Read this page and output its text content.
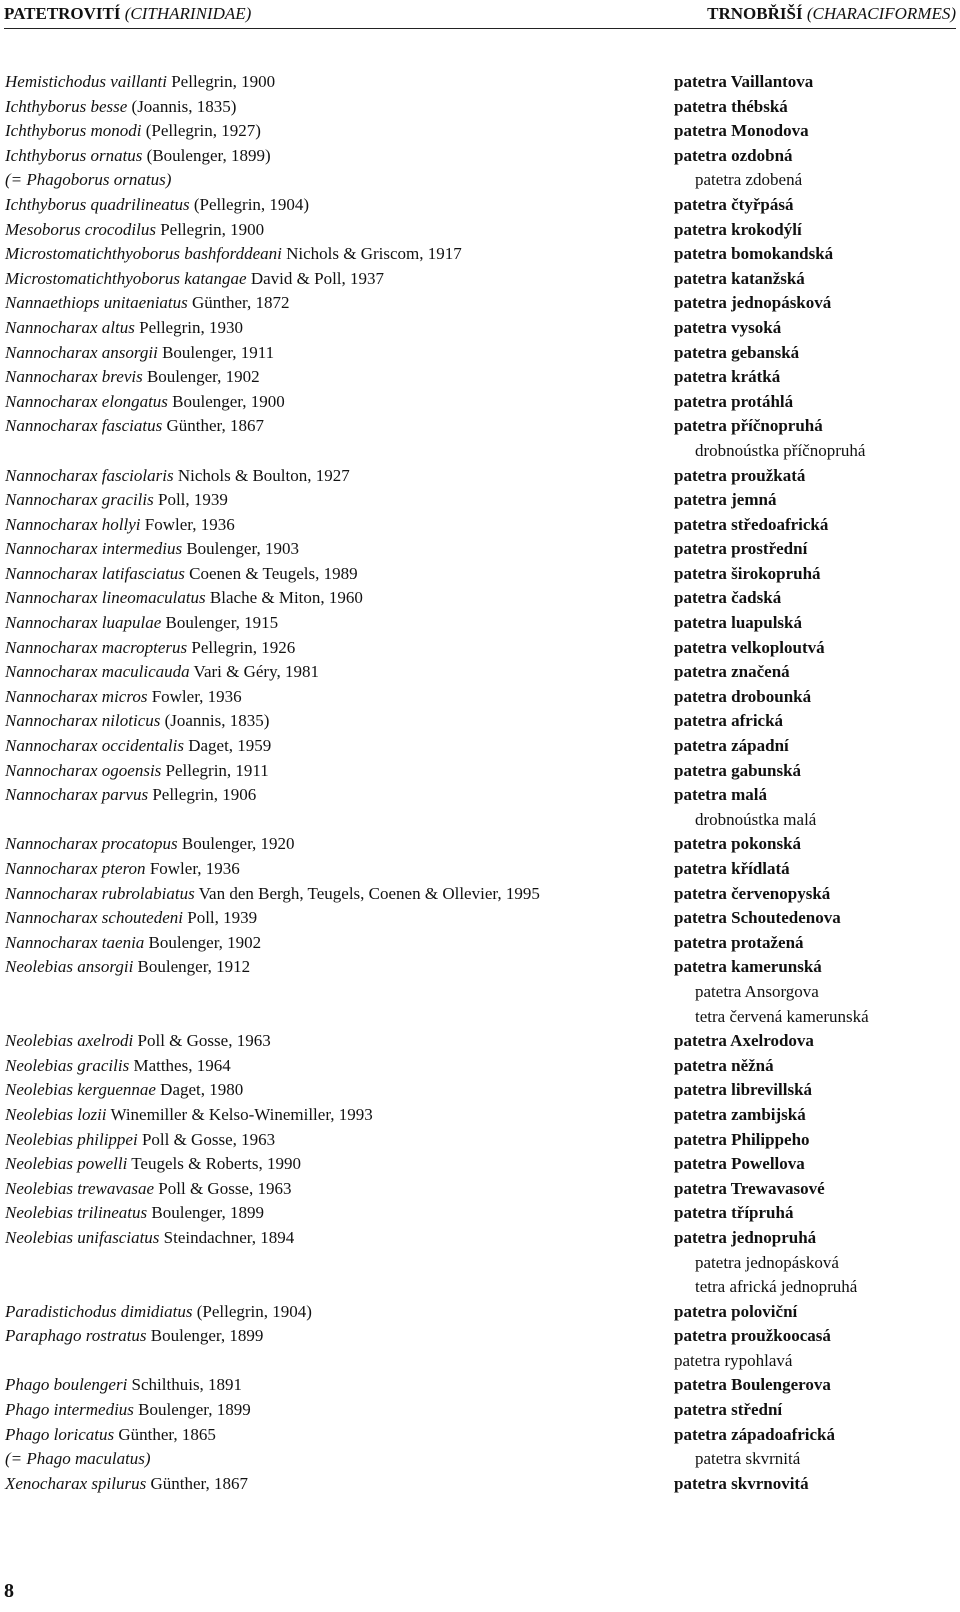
PATETROVITÍ (CITHARINIDAE)	TRNOBŘIŠÍ (CHARACIFORMES)
Hemistichodus vaillanti Pellegrin, 1900	patetra Vaillantova
Ichthyborus besse (Joannis, 1835)	patetra thébská
Ichthyborus monodi (Pellegrin, 1927)	patetra Monodova
Ichthyborus ornatus (Boulenger, 1899)	patetra ozdobná
(= Phagoborus ornatus)	patetra zdobená
Ichthyborus quadrilineatus (Pellegrin, 1904)	patetra čtyřpásá
Mesoborus crocodilus Pellegrin, 1900	patetra krokodýlí
Microstomatichthyoborus bashforddeani Nichols & Griscom, 1917	patetra bomokandská
Microstomatichthyoborus katangae David & Poll, 1937	patetra katanžská
Nannaethiops unitaeniatus Günther, 1872	patetra jednopásková
Nannocharax altus Pellegrin, 1930	patetra vysoká
Nannocharax ansorgii Boulenger, 1911	patetra gebanská
Nannocharax brevis Boulenger, 1902	patetra krátká
Nannocharax elongatus Boulenger, 1900	patetra protáhlá
Nannocharax fasciatus Günther, 1867	patetra příčnopruhá
drobnoústka příčnopruhá
Nannocharax fasciolaris Nichols & Boulton, 1927	patetra proužkatá
Nannocharax gracilis Poll, 1939	patetra jemná
Nannocharax hollyi Fowler, 1936	patetra středoafrická
Nannocharax intermedius Boulenger, 1903	patetra prostřední
Nannocharax latifasciatus Coenen & Teugels, 1989	patetra širokopruhá
Nannocharax lineomaculatus Blache & Miton, 1960	patetra čadská
Nannocharax luapulae Boulenger, 1915	patetra luapulská
Nannocharax macropterus Pellegrin, 1926	patetra velkoploutvá
Nannocharax maculicauda Vari & Géry, 1981	patetra značená
Nannocharax micros Fowler, 1936	patetra drobounká
Nannocharax niloticus (Joannis, 1835)	patetra africká
Nannocharax occidentalis Daget, 1959	patetra západní
Nannocharax ogoensis Pellegrin, 1911	patetra gabunská
Nannocharax parvus Pellegrin, 1906	patetra malá
drobnoústka malá
Nannocharax procatopus Boulenger, 1920	patetra pokonská
Nannocharax pteron Fowler, 1936	patetra křídlatá
Nannocharax rubrolabiatus Van den Bergh, Teugels, Coenen & Ollevier, 1995	patetra červenopyská
Nannocharax schoutedeni Poll, 1939	patetra Schoutedenova
Nannocharax taenia Boulenger, 1902	patetra protažená
Neolebias ansorgii Boulenger, 1912	patetra kamerunská
patetra Ansorgova
tetra červená kamerunská
Neolebias axelrodi Poll & Gosse, 1963	patetra Axelrodova
Neolebias gracilis Matthes, 1964	patetra něžná
Neolebias kerguennae Daget, 1980	patetra librevillská
Neolebias lozii Winemiller & Kelso-Winemiller, 1993	patetra zambijská
Neolebias philippei Poll & Gosse, 1963	patetra Philippeho
Neolebias powelli Teugels & Roberts, 1990	patetra Powellova
Neolebias trewavasae Poll & Gosse, 1963	patetra Trewavasové
Neolebias trilineatus Boulenger, 1899	patetra třípruhá
Neolebias unifasciatus Steindachner, 1894	patetra jednopruhá
patetra jednopásková
tetra africká jednopruhá
Paradistichodus dimidiatus (Pellegrin, 1904)	patetra poloviční
Paraphago rostratus Boulenger, 1899	patetra proužkoocasá
patetra rypohlavá
Phago boulengeri Schilthuis, 1891	patetra Boulengerova
Phago intermedius Boulenger, 1899	patetra střední
Phago loricatus Günther, 1865	patetra západoafrická
(= Phago maculatus)	patetra skvrnitá
Xenocharax spilurus Günther, 1867	patetra skvrnovitá
8
